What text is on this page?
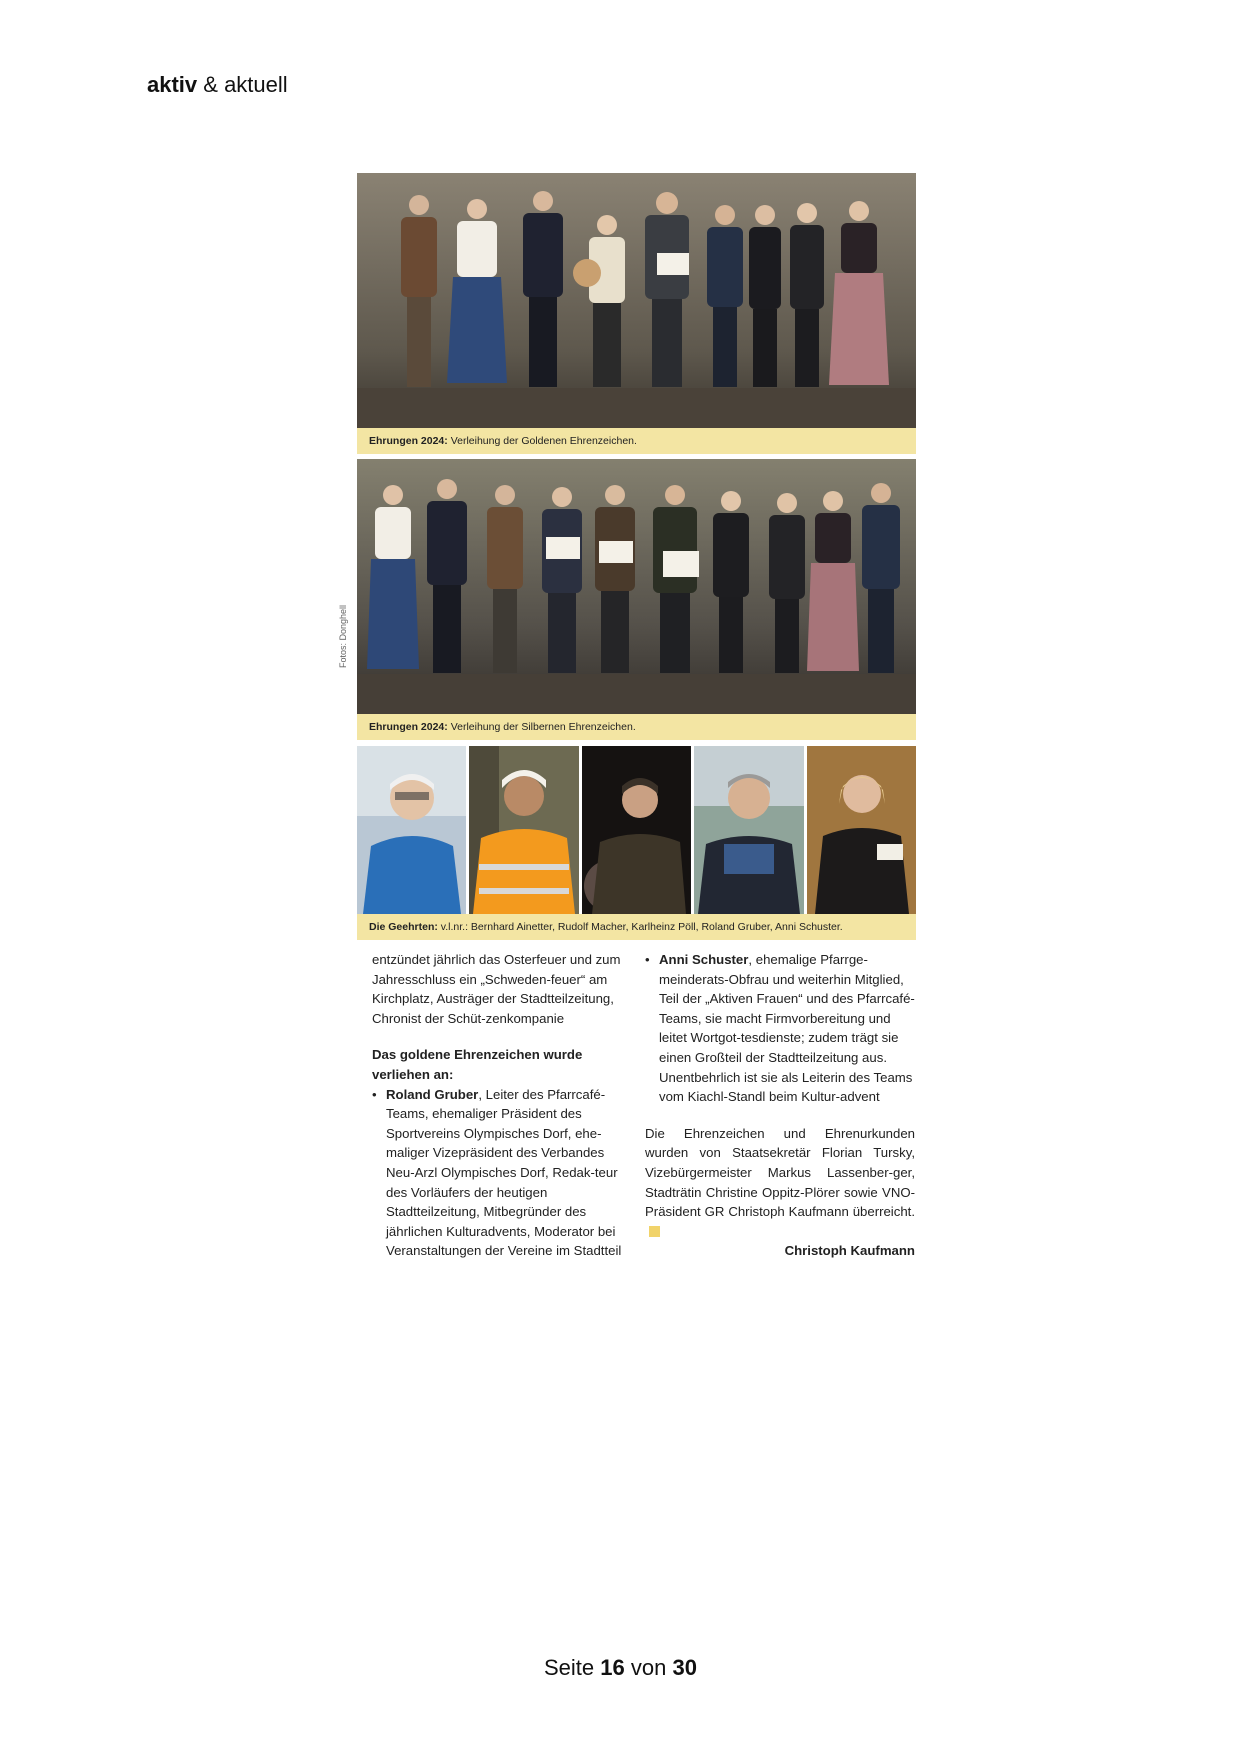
aktiv & aktuell
Fotos: Donghell
Ehrungen 2024: Verleihung der Goldenen Ehrenzeichen.
Ehrungen 2024: Verleihung der Silbernen Ehrenzeichen.
Die Geehrten: v.l.nr.: Bernhard Ainetter, Rudolf Macher, Karlheinz Pöll, Roland Gruber, Anni Schuster.

entzündet jährlich das Osterfeuer und zum Jahresschluss ein „Schweden-feuer“ am Kirchplatz, Austräger der Stadtteilzeitung, Chronist der Schüt-zenkompanie

Das goldene Ehrenzeichen wurde verliehen an:

• Roland Gruber, Leiter des Pfarrcafé-Teams, ehemaliger Präsident des Sportvereins Olympisches Dorf, ehe-maliger Vizepräsident des Verbandes Neu-Arzl Olympisches Dorf, Redak-teur des Vorläufers der heutigen Stadtteilzeitung, Mitbegründer des jährlichen Kulturadvents, Moderator bei Veranstaltungen der Vereine im Stadtteil

• Anni Schuster, ehemalige Pfarrge-meinderats-Obfrau und weiterhin Mitglied, Teil der „Aktiven Frauen“ und des Pfarrcafé-Teams, sie macht Firmvorbereitung und leitet Wortgot-tesdienste; zudem trägt sie einen Großteil der Stadtteilzeitung aus. Unentbehrlich ist sie als Leiterin des Teams vom Kiachl-Standl beim Kultur-advent

Die Ehrenzeichen und Ehrenurkunden wurden von Staatsekretär Florian Tursky, Vizebürgermeister Markus Lassenber-ger, Stadträtin Christine Oppitz-Plörer sowie VNO-Präsident GR Christoph Kaufmann überreicht.

Christoph Kaufmann

Seite 16 von 30
